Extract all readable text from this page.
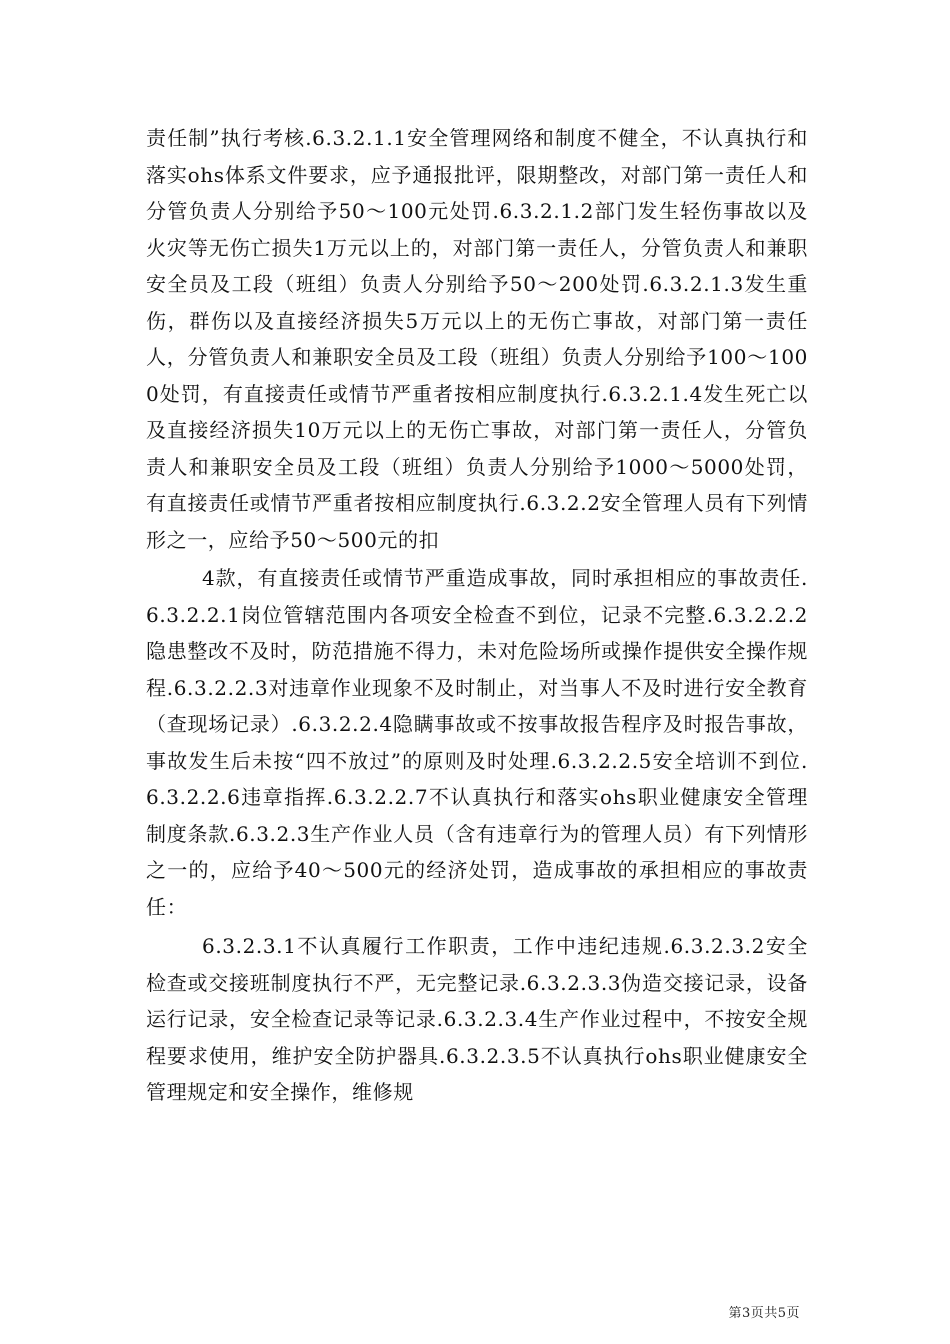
责任制”执行考核.6.3.2.1.1安全管理网络和制度不健全，不认真执行和落实ohs体系文件要求，应予通报批评，限期整改，对部门第一责任人和分管负责人分别给予50～100元处罚.6.3.2.1.2部门发生轻伤事故以及火灾等无伤亡损失1万元以上的，对部门第一责任人，分管负责人和兼职安全员及工段（班组）负责人分别给予50～200处罚.6.3.2.1.3发生重伤，群伤以及直接经济损失5万元以上的无伤亡事故，对部门第一责任人，分管负责人和兼职安全员及工段（班组）负责人分别给予100～1000处罚，有直接责任或情节严重者按相应制度执行.6.3.2.1.4发生死亡以及直接经济损失10万元以上的无伤亡事故，对部门第一责任人，分管负责人和兼职安全员及工段（班组）负责人分别给予1000～5000处罚，有直接责任或情节严重者按相应制度执行.6.3.2.2安全管理人员有下列情形之一，应给予50～500元的扣

4款，有直接责任或情节严重造成事故，同时承担相应的事故责任.6.3.2.2.1岗位管辖范围内各项安全检查不到位，记录不完整.6.3.2.2.2隐患整改不及时，防范措施不得力，未对危险场所或操作提供安全操作规程.6.3.2.2.3对违章作业现象不及时制止，对当事人不及时进行安全教育（查现场记录）.6.3.2.2.4隐瞒事故或不按事故报告程序及时报告事故，事故发生后未按“四不放过”的原则及时处理.6.3.2.2.5安全培训不到位.6.3.2.2.6违章指挥.6.3.2.2.7不认真执行和落实ohs职业健康安全管理制度条款.6.3.2.3生产作业人员（含有违章行为的管理人员）有下列情形之一的，应给予40～500元的经济处罚，造成事故的承担相应的事故责任：

6.3.2.3.1不认真履行工作职责，工作中违纪违规.6.3.2.3.2安全检查或交接班制度执行不严，无完整记录.6.3.2.3.3伪造交接记录，设备运行记录，安全检查记录等记录.6.3.2.3.4生产作业过程中，不按安全规程要求使用，维护安全防护器具.6.3.2.3.5不认真执行ohs职业健康安全管理规定和安全操作，维修规

第3页共5页
